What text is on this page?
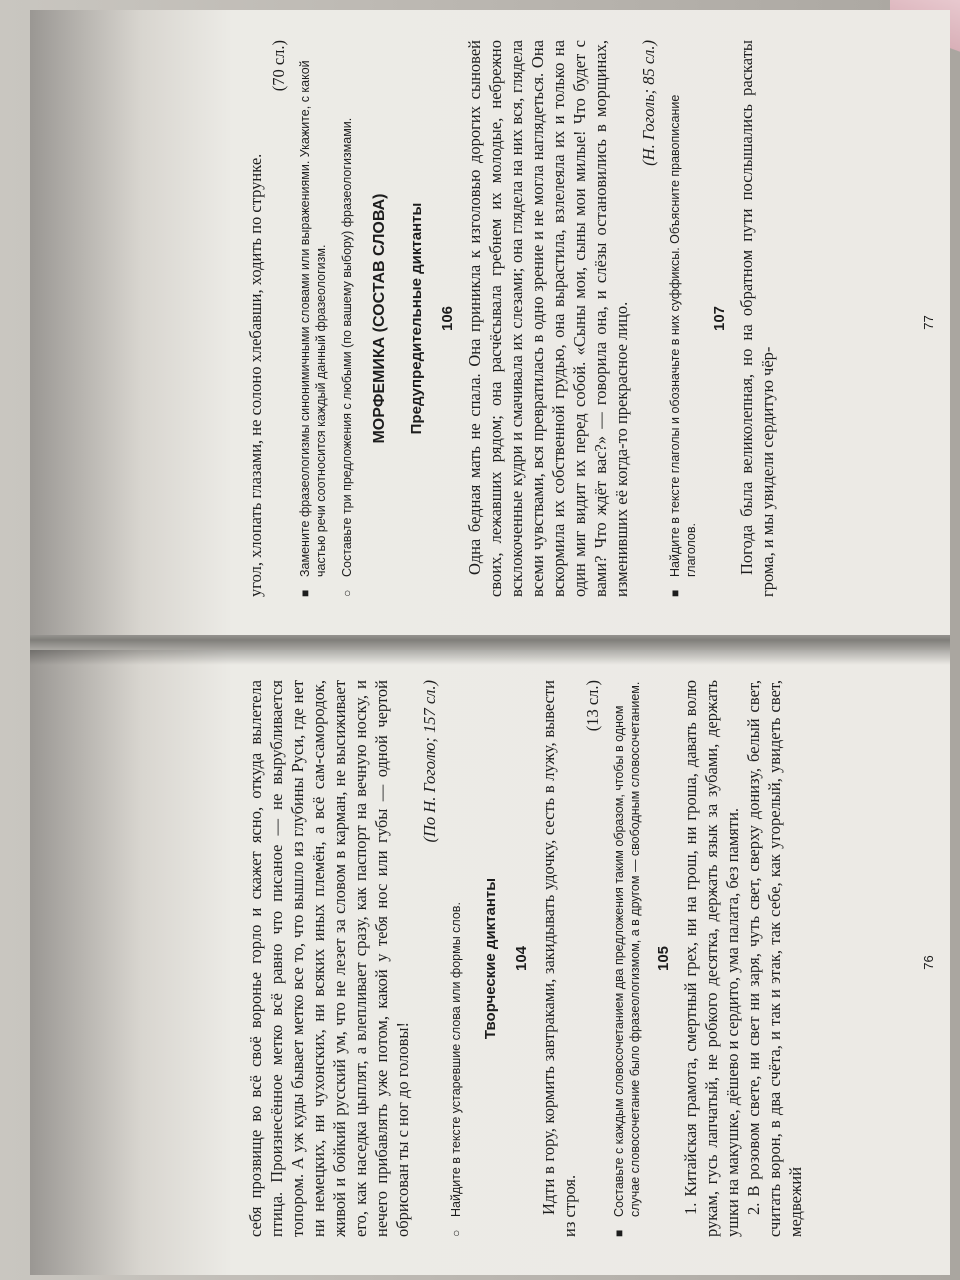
себя прозвище во всё своё воронье горло и скажет ясно, откуда вылетела птица. Произнесённое метко всё равно что писаное — не вырубливается топором. А уж куды бывает метко все то, что вышло из глубины Руси, где нет ни немецких, ни чухонских, ни всяких иных племён, а всё сам-самородок, живой и бойкий русский ум, что не лезет за словом в карман, не высиживает его, как наседка цыплят, а влепливает сразу, как паспорт на вечную носку, и нечего прибавлять уже потом, какой у тебя нос или губы — одной чертой обрисован ты с ног до головы!

(По Н. Гоголю; 157 сл.)
○
Найдите в тексте устаревшие слова или формы слов. Творческие диктанты 104 Идти в гору, кормить завтраками, закидывать удочку, сесть в лужу, вывести из строя.

(13 сл.)
■
Составьте с каждым словосочетанием два предложения таким образом, чтобы в одном случае словосочетание было фразеологизмом, а в другом — свободным словосочетанием. 105 1. Китайская грамота, смертный грех, ни на грош, ни гроша, давать волю рукам, гусь лапчатый, не робкого десятка, держать язык за зубами, держать ушки на макушке, дёшево и сердито, ума палата, без памяти. 2. В розовом свете, ни свет ни заря, чуть свет, сверху донизу, белый свет, считать ворон, в два счёта, и так и этак, так себе, как угорелый, увидеть свет, медвежий

76

угол, хлопать глазами, не солоно хлебавши, ходить по струнке.

(70 сл.)
■
Замените фразеологизмы синонимичными словами или выражениями. Укажите, с какой частью речи соотносится каждый данный фразеологизм.
○
Составьте три предложения с любыми (по вашему выбору) фразеологизмами. МОРФЕМИКА (СОСТАВ СЛОВА) Предупредительные диктанты 106 Одна бедная мать не спала. Она приникла к изголовью дорогих сыновей своих, лежавших рядом; она расчёсывала гребнем их молодые, небрежно всклокоченные кудри и смачивала их слезами; она глядела на них вся, глядела всеми чувствами, вся превратилась в одно зрение и не могла наглядеться. Она вскормила их собственной грудью, она вырастила, взлелеяла их и только на один миг видит их перед собой. «Сыны мои, сыны мои милые! Что будет с вами? Что ждёт вас?» — говорила она, и слёзы остановились в морщинах, изменивших её когда-то прекрасное лицо.

(Н. Гоголь; 85 сл.)
■
Найдите в тексте глаголы и обозначьте в них суффиксы. Объясните правописание глаголов.
107 Погода была великолепная, но на обратном пути послышались раскаты грома, и мы увидели сердитую чёр-

77
